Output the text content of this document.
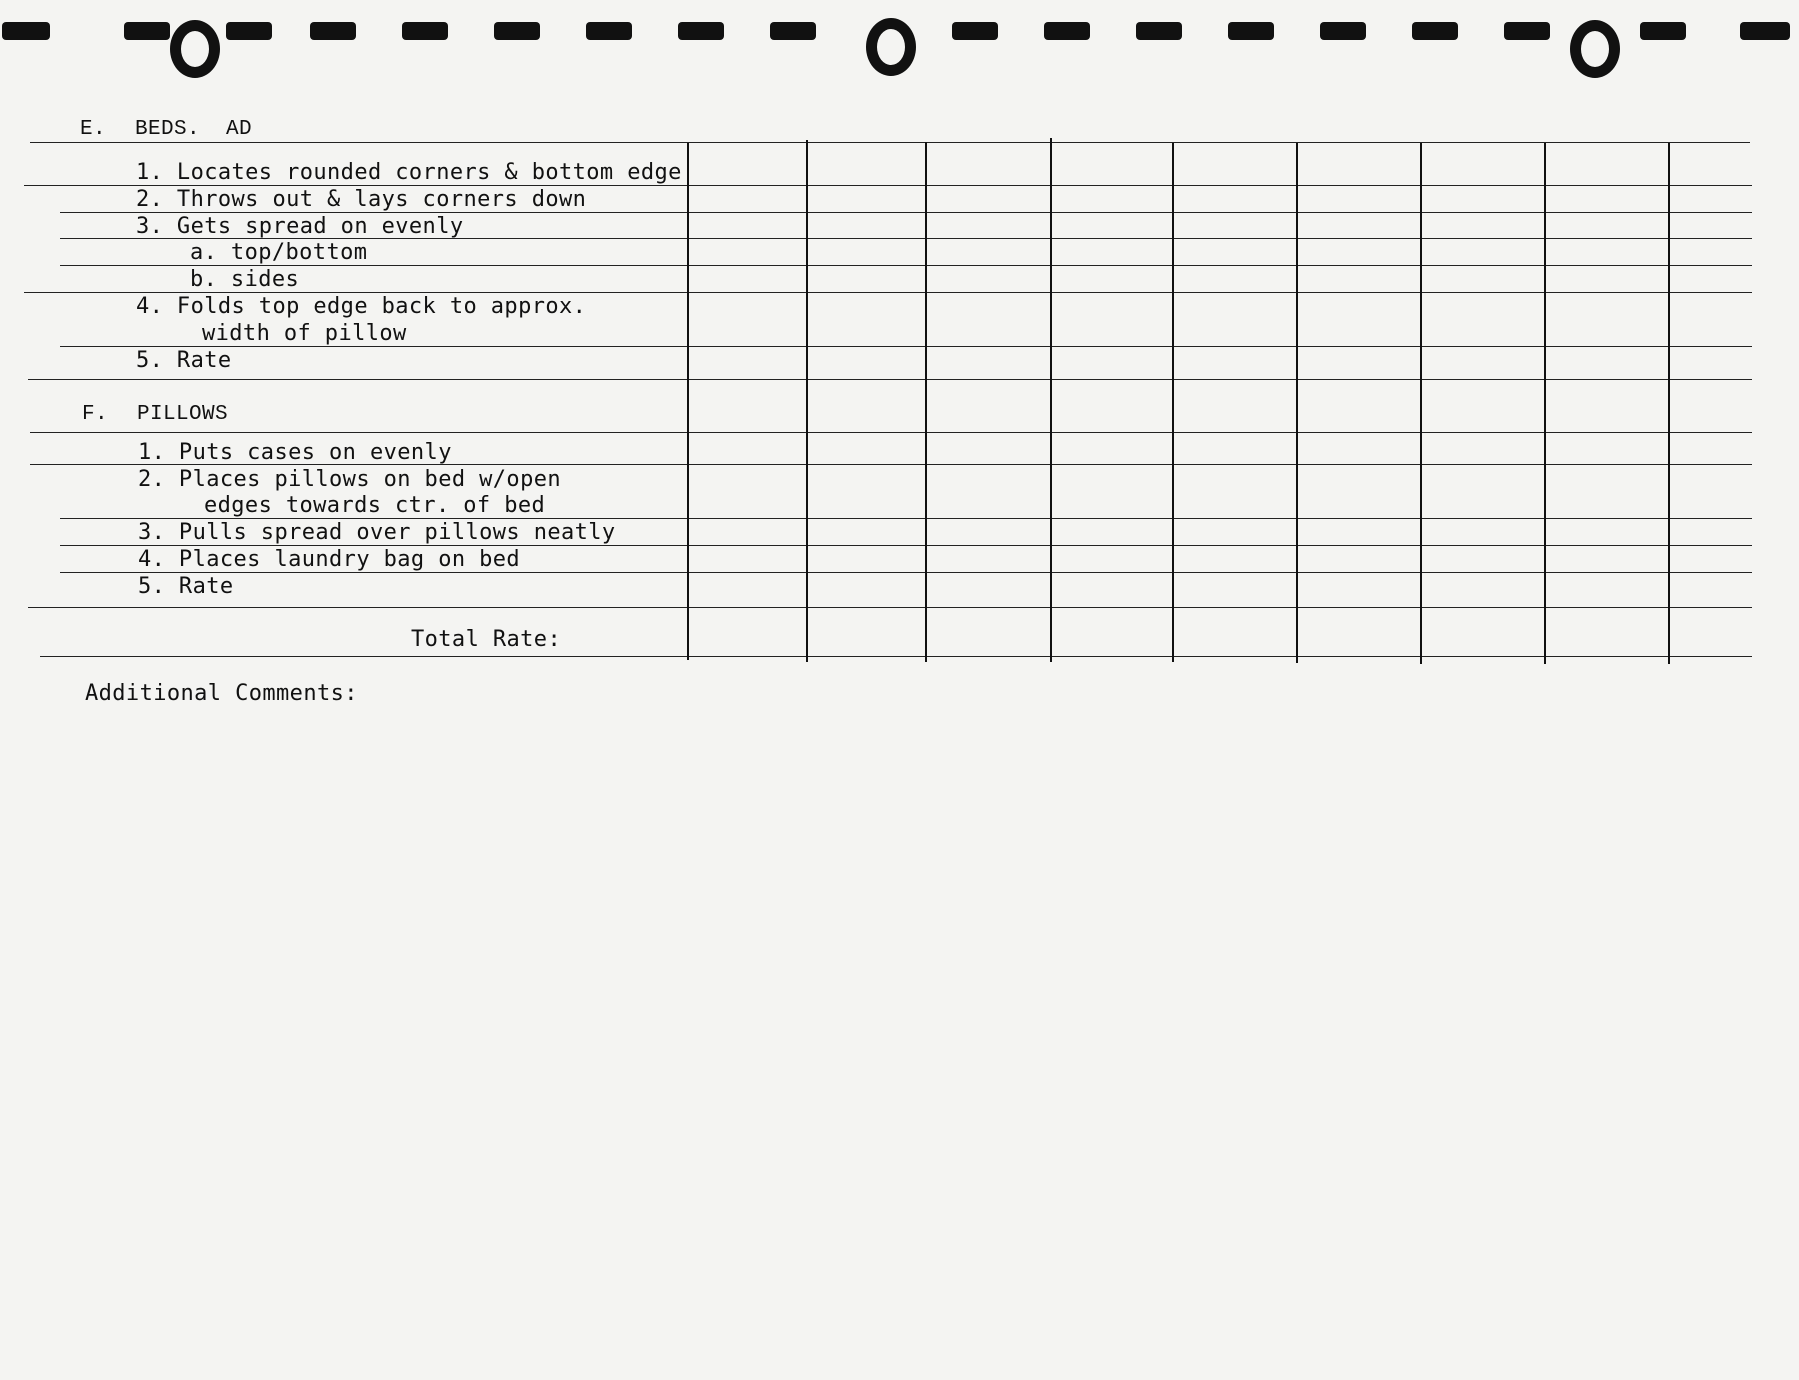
E. BEDS.  AD
1. Locates rounded corners & bottom edge
2. Throws out & lays corners down
3. Gets spread on evenly
a. top/bottom
b. sides
4. Folds top edge back to approx.
width of pillow
5. Rate
F. PILLOWS
1. Puts cases on evenly
2. Places pillows on bed w/open
edges towards ctr. of bed
3. Pulls spread over pillows neatly
4. Places laundry bag on bed
5. Rate
Total Rate:
Additional Comments:
